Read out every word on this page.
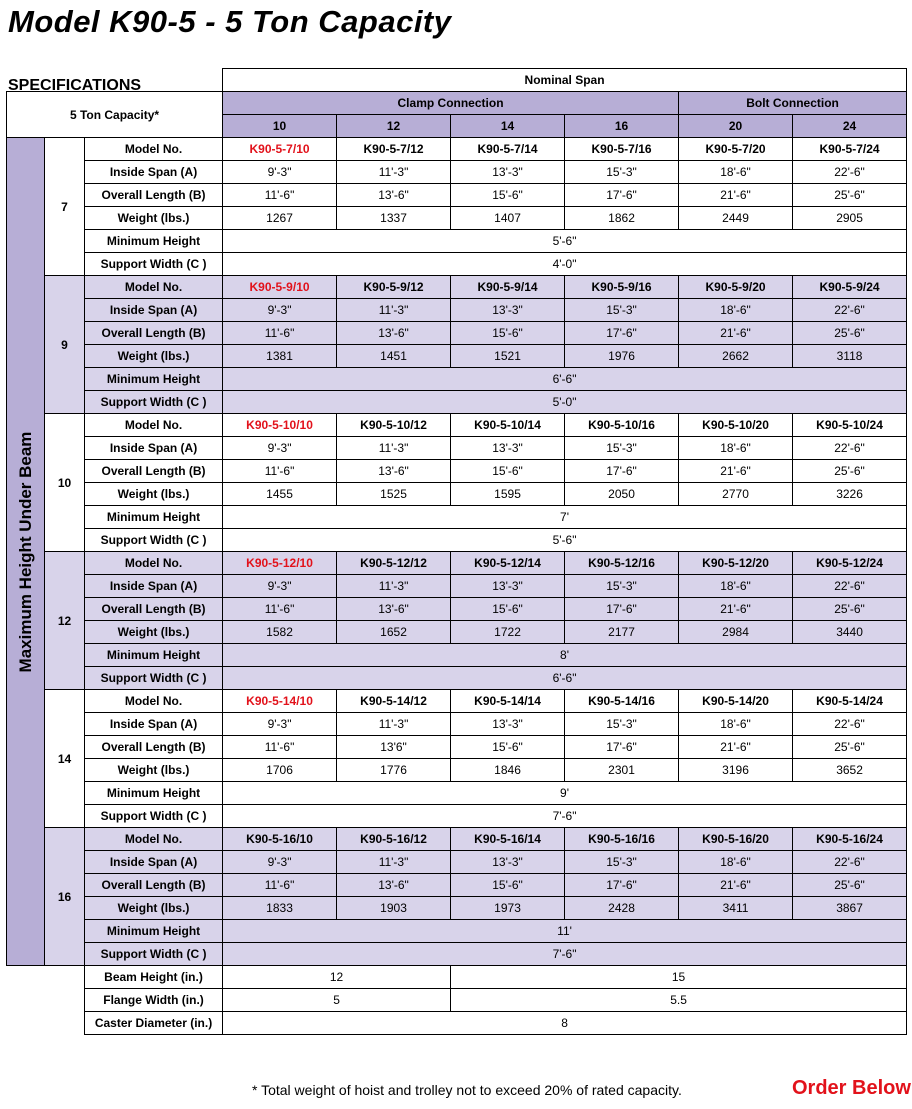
Model K90-5 - 5 Ton Capacity
SPECIFICATIONS
			Nominal Span						
5 Ton Capacity*			Clamp Connection				Bolt Connection		
			10	12	14	16	20	24	

Maximum Height Under Beam	7	Model No.	K90-5-7/10	K90-5-7/12	K90-5-7/14	K90-5-7/16	K90-5-7/20	K90-5-7/24	
		Inside Span (A)	9'-3"	11'-3"	13'-3"	15'-3"	18'-6"	22'-6"	
		Overall Length (B)	11'-6"	13'-6"	15'-6"	17'-6"	21'-6"	25'-6"	
		Weight (lbs.)	1267	1337	1407	1862	2449	2905	
		Minimum Height	5'-6"						
		Support Width (C )	4'-0"						
	9	Model No.	K90-5-9/10	K90-5-9/12	K90-5-9/14	K90-5-9/16	K90-5-9/20	K90-5-9/24	
		Inside Span (A)	9'-3"	11'-3"	13'-3"	15'-3"	18'-6"	22'-6"	
		Overall Length (B)	11'-6"	13'-6"	15'-6"	17'-6"	21'-6"	25'-6"	
		Weight (lbs.)	1381	1451	1521	1976	2662	3118	
		Minimum Height	6'-6"						
		Support Width (C )	5'-0"						
	10	Model No.	K90-5-10/10	K90-5-10/12	K90-5-10/14	K90-5-10/16	K90-5-10/20	K90-5-10/24	
		Inside Span (A)	9'-3"	11'-3"	13'-3"	15'-3"	18'-6"	22'-6"	
		Overall Length (B)	11'-6"	13'-6"	15'-6"	17'-6"	21'-6"	25'-6"	
		Weight (lbs.)	1455	1525	1595	2050	2770	3226	
		Minimum Height	7'						
		Support Width (C )	5'-6"						
	12	Model No.	K90-5-12/10	K90-5-12/12	K90-5-12/14	K90-5-12/16	K90-5-12/20	K90-5-12/24	
		Inside Span (A)	9'-3"	11'-3"	13'-3"	15'-3"	18'-6"	22'-6"	
		Overall Length (B)	11'-6"	13'-6"	15'-6"	17'-6"	21'-6"	25'-6"	
		Weight (lbs.)	1582	1652	1722	2177	2984	3440	
		Minimum Height	8'						
		Support Width (C )	6'-6"						
	14	Model No.	K90-5-14/10	K90-5-14/12	K90-5-14/14	K90-5-14/16	K90-5-14/20	K90-5-14/24	
		Inside Span (A)	9'-3"	11'-3"	13'-3"	15'-3"	18'-6"	22'-6"	
		Overall Length (B)	11'-6"	13'6"	15'-6"	17'-6"	21'-6"	25'-6"	
		Weight (lbs.)	1706	1776	1846	2301	3196	3652	
		Minimum Height	9'						
		Support Width (C )	7'-6"						
	16	Model No.	K90-5-16/10	K90-5-16/12	K90-5-16/14	K90-5-16/16	K90-5-16/20	K90-5-16/24	
		Inside Span (A)	9'-3"	11'-3"	13'-3"	15'-3"	18'-6"	22'-6"	
		Overall Length (B)	11'-6"	13'-6"	15'-6"	17'-6"	21'-6"	25'-6"	
		Weight (lbs.)	1833	1903	1973	2428	3411	3867	
		Minimum Height	11'						
		Support Width (C )	7'-6"						
		Beam Height (in.)	12		15	
		Flange Width (in.)	5		5.5	
		Caster Diameter (in.)	8						
* Total weight of hoist and trolley not to exceed 20% of rated capacity.	Order Below
